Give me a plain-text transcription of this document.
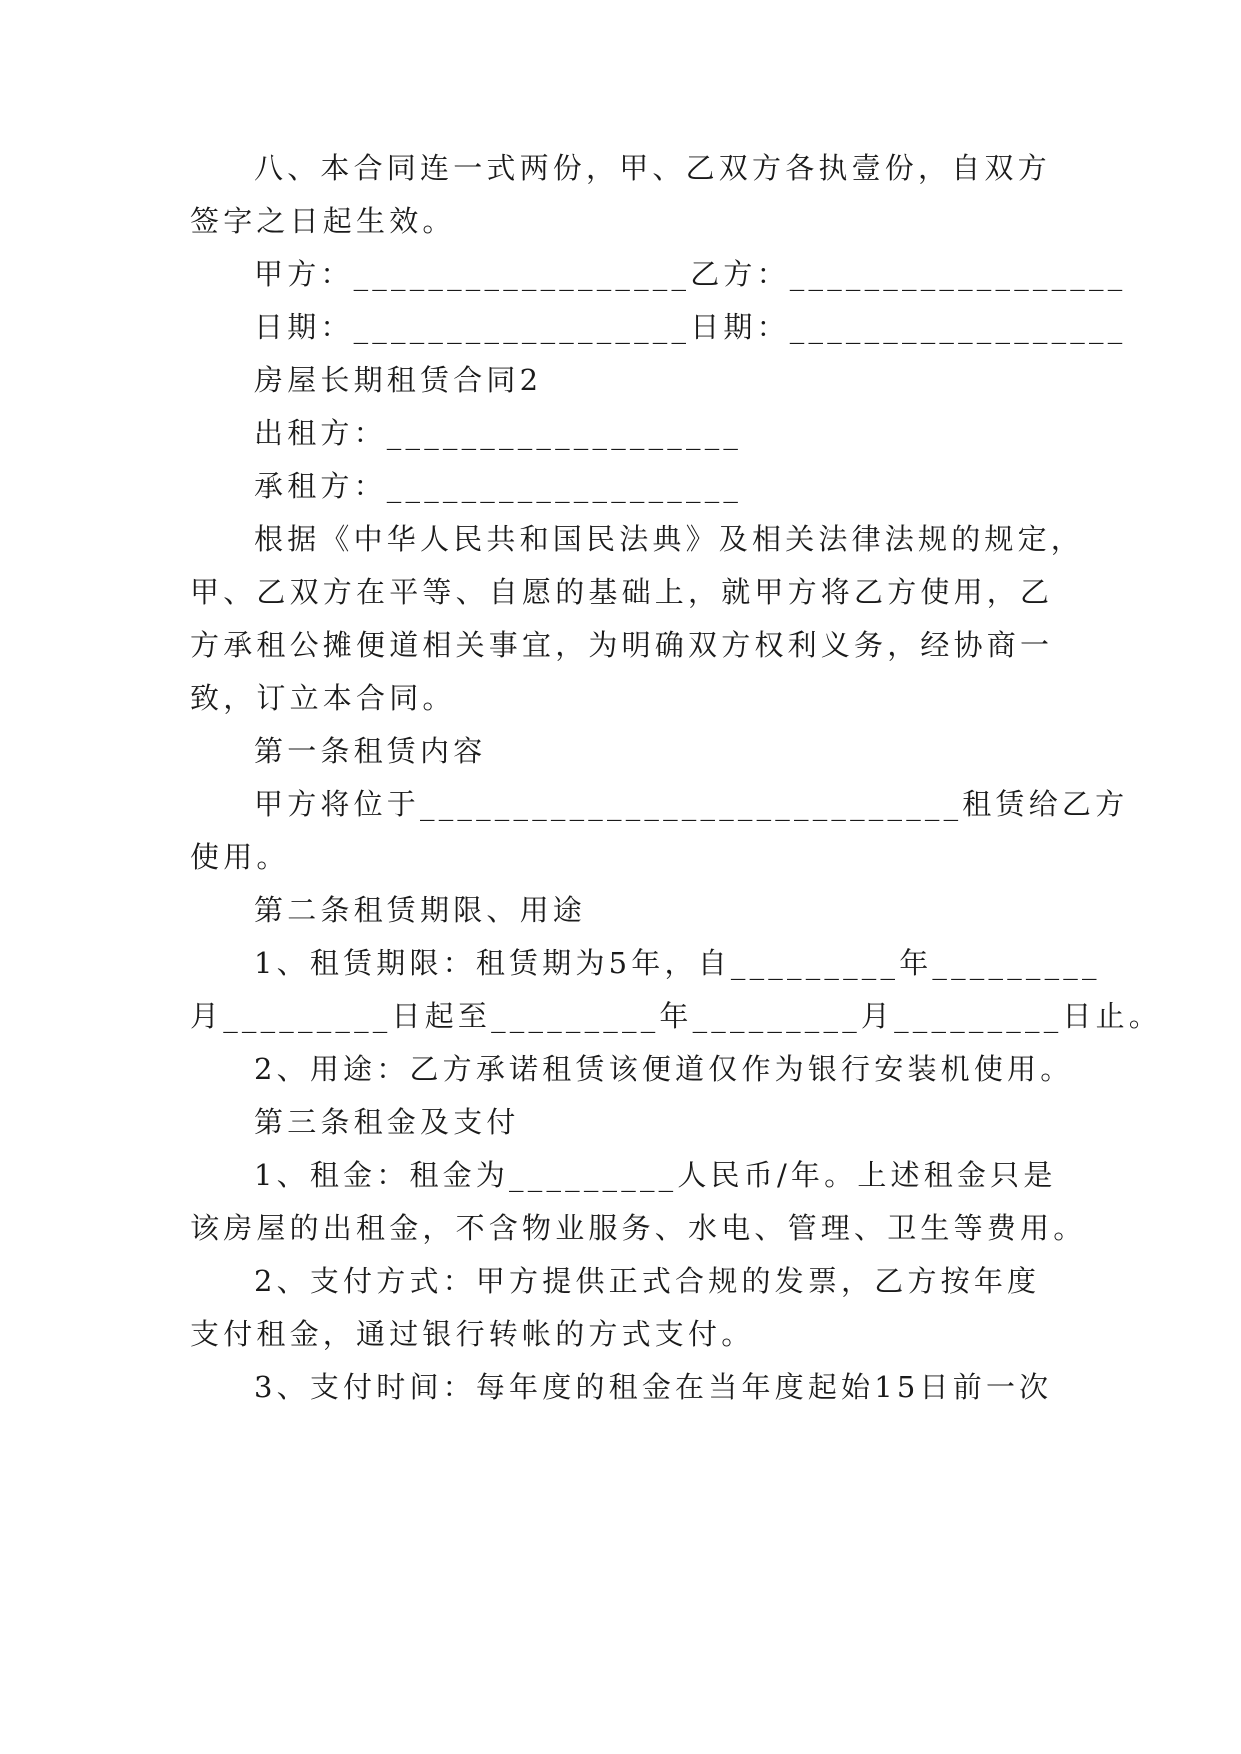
八、本合同连一式两份，甲、乙双方各执壹份，自双方

签字之日起生效。

甲方：__________________乙方：__________________

日期：__________________日期：__________________

房屋长期租赁合同2

出租方：___________________

承租方：___________________

根据《中华人民共和国民法典》及相关法律法规的规定，

甲、乙双方在平等、自愿的基础上，就甲方将乙方使用，乙

方承租公摊便道相关事宜，为明确双方权利义务，经协商一

致，订立本合同。

第一条租赁内容

甲方将位于_____________________________租赁给乙方

使用。

第二条租赁期限、用途

1、租赁期限：租赁期为5年，自_________年_________

月_________日起至_________年_________月_________日止。

2、用途：乙方承诺租赁该便道仅作为银行安装机使用。

第三条租金及支付

1、租金：租金为_________人民币/年。上述租金只是

该房屋的出租金，不含物业服务、水电、管理、卫生等费用。

2、支付方式：甲方提供正式合规的发票，乙方按年度

支付租金，通过银行转帐的方式支付。

3、支付时间：每年度的租金在当年度起始15日前一次
